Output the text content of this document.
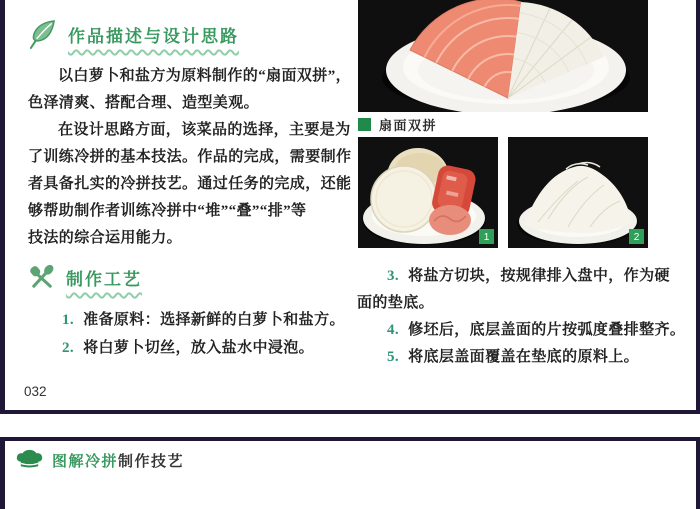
作品描述与设计思路
以白萝卜和盐方为原料制作的“扇面双拼”，
色泽清爽、搭配合理、造型美观。
在设计思路方面，该菜品的选择，主要是为
了训练冷拼的基本技法。作品的完成，需要制作
者具备扎实的冷拼技艺。通过任务的完成，还能
够帮助制作者训练冷拼中“堆”“叠”“排”等
技法的综合运用能力。
制作工艺
1. 准备原料：选择新鲜的白萝卜和盐方。
2. 将白萝卜切丝，放入盐水中浸泡。
032
扇面双拼
1	2
3. 将盐方切块，按规律排入盘中，作为硬
面的垫底。
4. 修坯后，底层盖面的片按弧度叠排整齐。
5. 将底层盖面覆盖在垫底的原料上。
图解冷拼制作技艺
